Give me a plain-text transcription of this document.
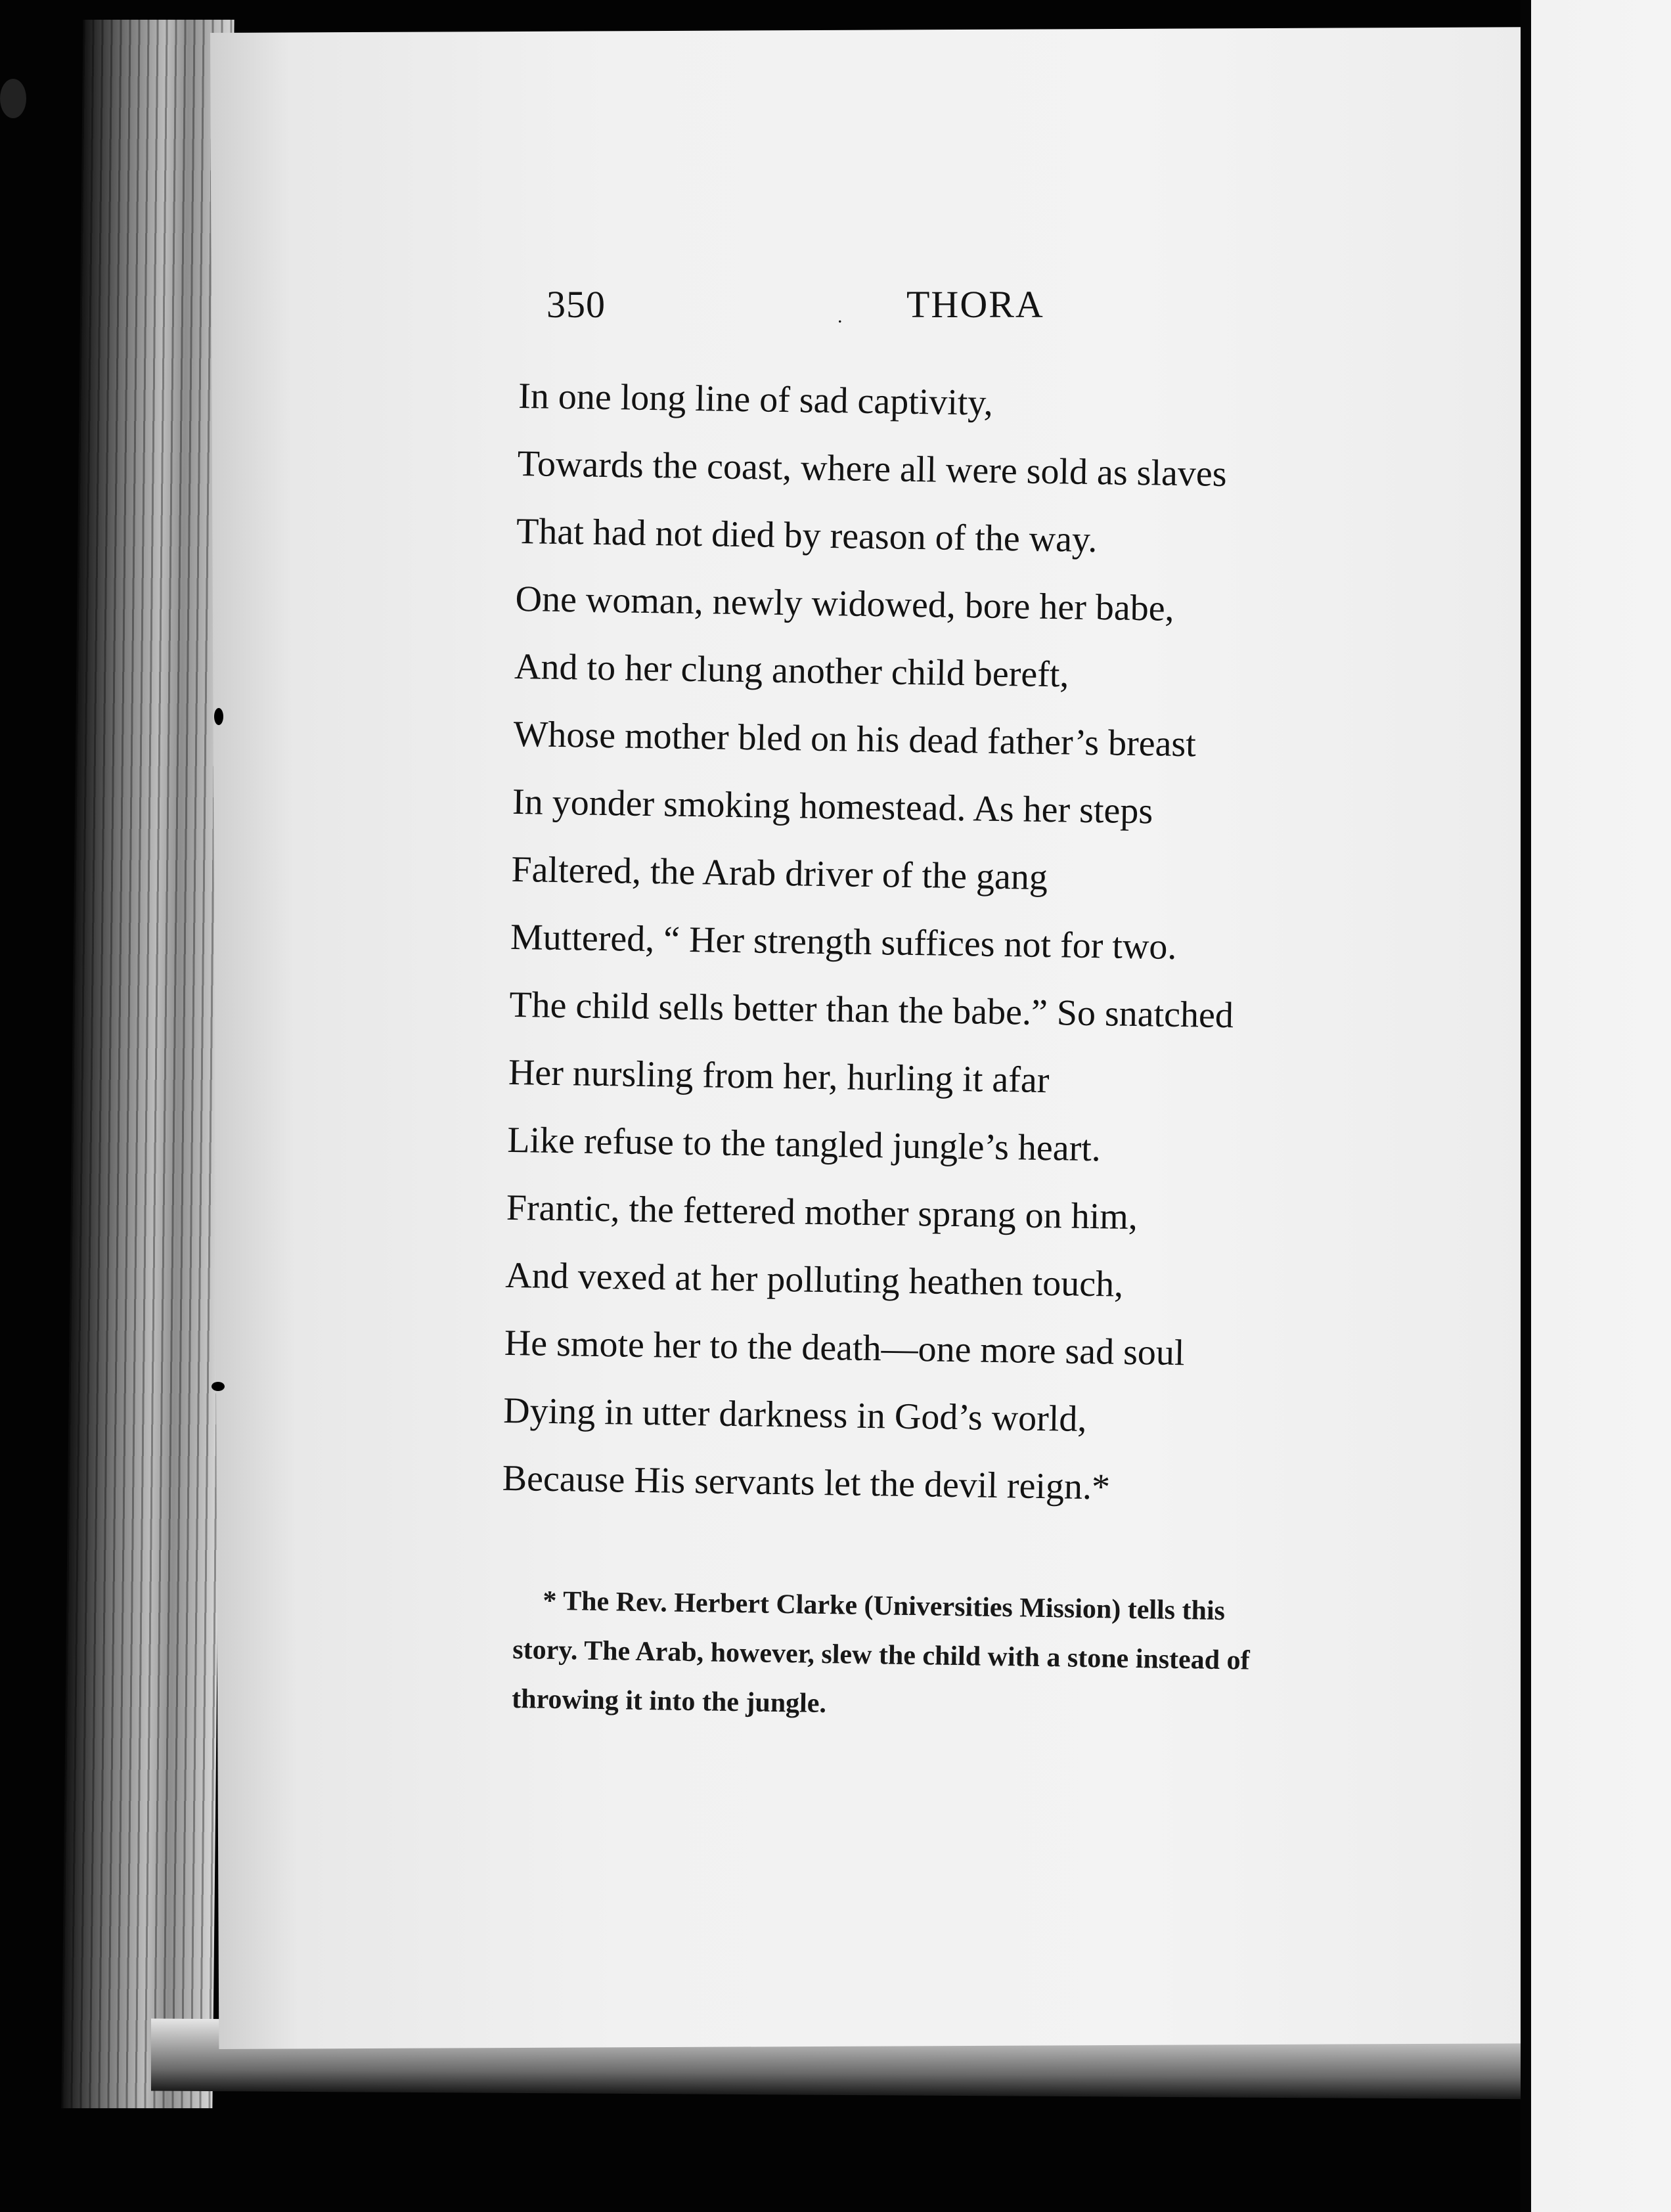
350	. THORA
In one long line of sad captivity,
Towards the coast, where all were sold as slaves
That had not died by reason of the way.
One woman, newly widowed, bore her babe,
And to her clung another child bereft,
Whose mother bled on his dead father’s breast
In yonder smoking homestead. As her steps
Faltered, the Arab driver of the gang
Muttered, “ Her strength suffices not for two.
The child sells better than the babe.” So snatched
Her nursling from her, hurling it afar
Like refuse to the tangled jungle’s heart.
Frantic, the fettered mother sprang on him,
And vexed at her polluting heathen touch,
He smote her to the death—one more sad soul
Dying in utter darkness in God’s world,
Because His servants let the devil reign.*

* The Rev. Herbert Clarke (Universities Mission) tells this

story. The Arab, however, slew the child with a stone instead of

throwing it into the jungle.
